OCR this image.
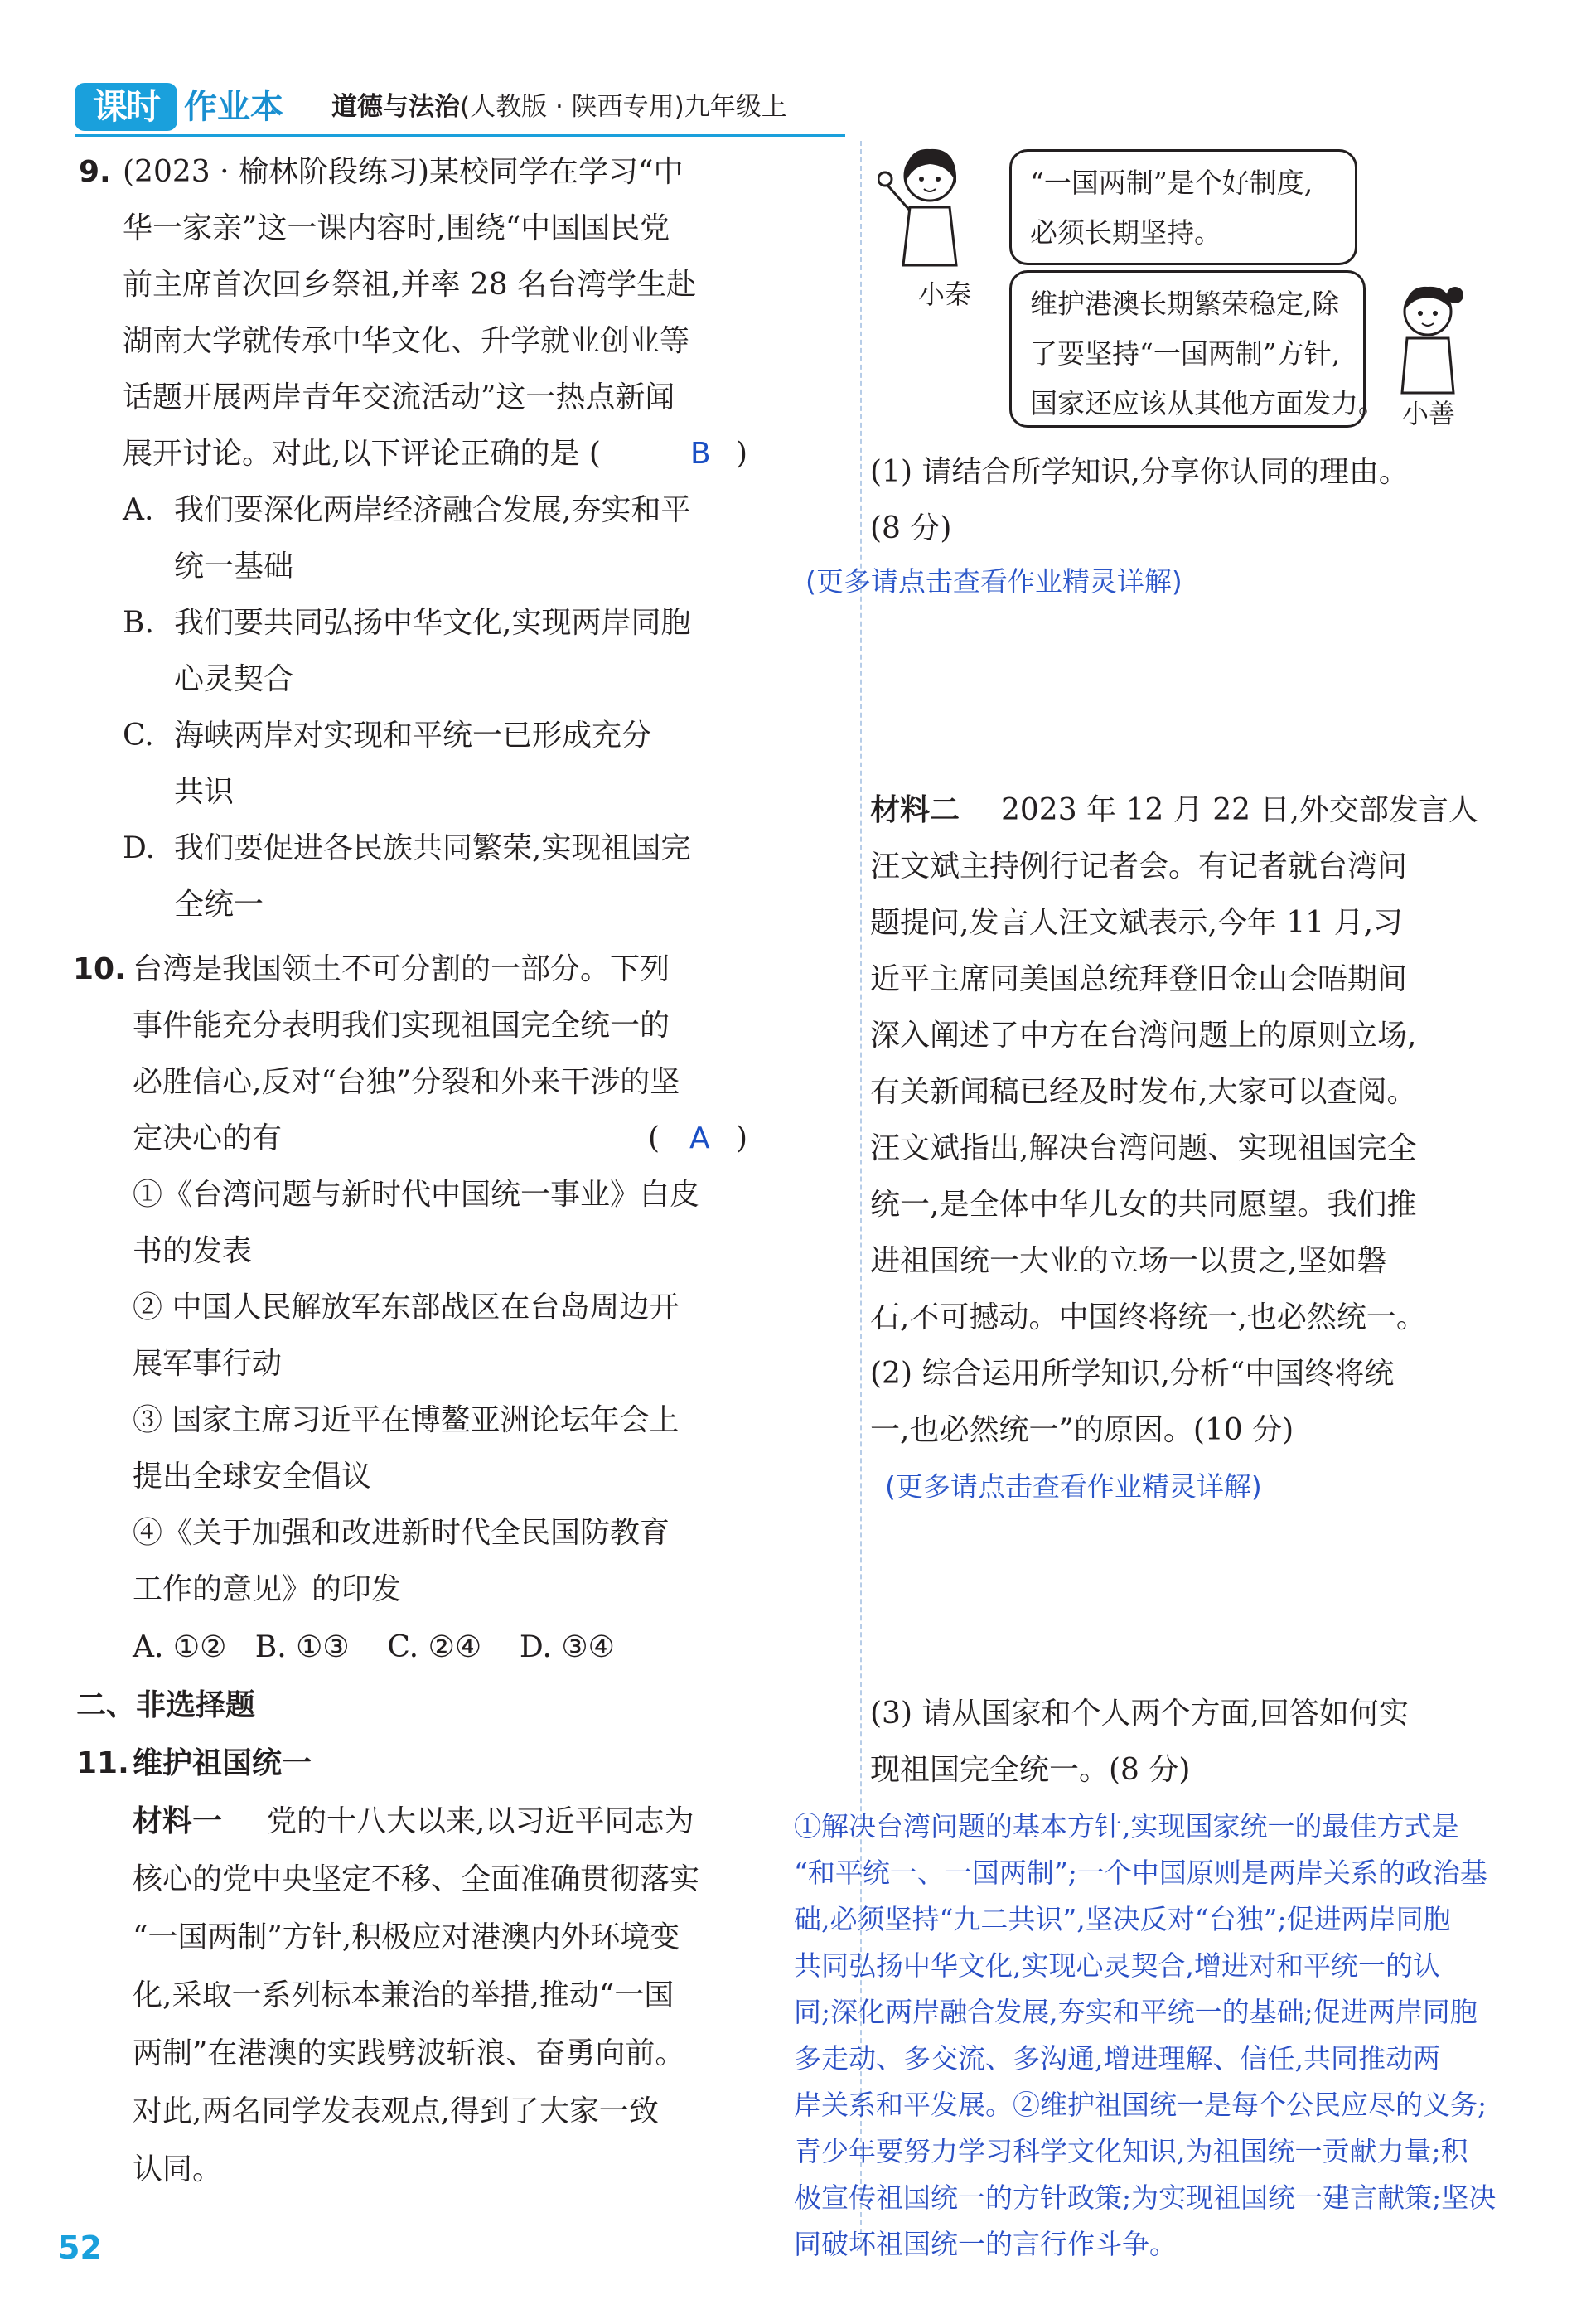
课时 作业本 道德与法治(人教版 · 陕西专用)九年级上
9. (2023 · 榆林阶段练习)某校同学在学习“中
华一家亲”这一课内容时,围绕“中国国民党
前主席首次回乡祭祖,并率 28 名台湾学生赴
湖南大学就传承中华文化、升学就业创业等
话题开展两岸青年交流活动”这一热点新闻
展开讨论。对此,以下评论正确的是 (	B )
A. 我们要深化两岸经济融合发展,夯实和平
统一基础
B. 我们要共同弘扬中华文化,实现两岸同胞
心灵契合
C. 海峡两岸对实现和平统一已形成充分
共识
D. 我们要促进各民族共同繁荣,实现祖国完
全统一
10. 台湾是我国领土不可分割的一部分。下列
事件能充分表明我们实现祖国完全统一的
必胜信心,反对“台独”分裂和外来干涉的坚
定决心的有	( A )
①《台湾问题与新时代中国统一事业》白皮
书的发表
② 中国人民解放军东部战区在台岛周边开
展军事行动
③ 国家主席习近平在博鳌亚洲论坛年会上
提出全球安全倡议
④《关于加强和改进新时代全民国防教育
工作的意见》的印发
A. ①②   B. ①③    C. ②④    D. ③④
二、非选择题
11. 维护祖国统一
材料一 党的十八大以来,以习近平同志为
核心的党中央坚定不移、全面准确贯彻落实
“一国两制”方针,积极应对港澳内外环境变
化,采取一系列标本兼治的举措,推动“一国
两制”在港澳的实践劈波斩浪、奋勇向前。
对此,两名同学发表观点,得到了大家一致
认同。
小秦
“一国两制”是个好制度,
必须长期坚持。
维护港澳长期繁荣稳定,除
了要坚持“一国两制”方针,
国家还应该从其他方面发力。 小善
(1) 请结合所学知识,分享你认同的理由。
(8 分)
(更多请点击查看作业精灵详解)
材料二 2023 年 12 月 22 日,外交部发言人
汪文斌主持例行记者会。有记者就台湾问
题提问,发言人汪文斌表示,今年 11 月,习
近平主席同美国总统拜登旧金山会晤期间
深入阐述了中方在台湾问题上的原则立场,
有关新闻稿已经及时发布,大家可以查阅。
汪文斌指出,解决台湾问题、实现祖国完全
统一,是全体中华儿女的共同愿望。我们推
进祖国统一大业的立场一以贯之,坚如磐
石,不可撼动。中国终将统一,也必然统一。
(2) 综合运用所学知识,分析“中国终将统
一,也必然统一”的原因。(10 分)
(更多请点击查看作业精灵详解)
(3) 请从国家和个人两个方面,回答如何实
现祖国完全统一。(8 分)
①解决台湾问题的基本方针,实现国家统一的最佳方式是
“和平统一、一国两制”;一个中国原则是两岸关系的政治基
础,必须坚持“九二共识”,坚决反对“台独”;促进两岸同胞
共同弘扬中华文化,实现心灵契合,增进对和平统一的认
同;深化两岸融合发展,夯实和平统一的基础;促进两岸同胞
多走动、多交流、多沟通,增进理解、信任,共同推动两
岸关系和平发展。②维护祖国统一是每个公民应尽的义务;
青少年要努力学习科学文化知识,为祖国统一贡献力量;积
极宣传祖国统一的方针政策;为实现祖国统一建言献策;坚决
同破坏祖国统一的言行作斗争。
52
